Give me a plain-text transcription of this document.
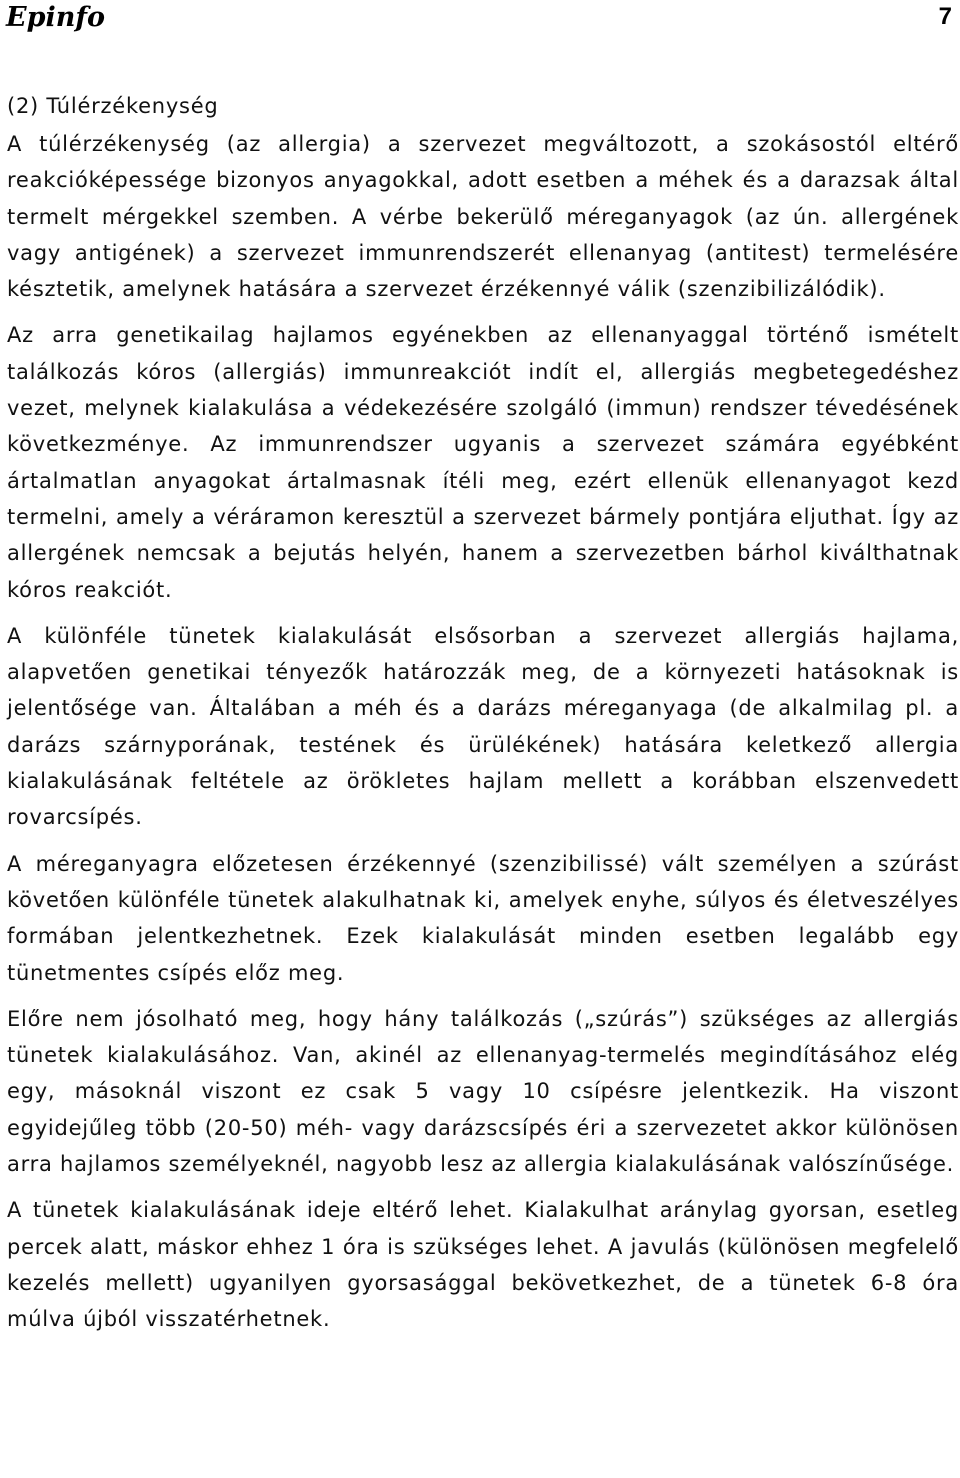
Epinfo	7
(2) Túlérzékenység

A túlérzékenység (az allergia) a szervezet megváltozott, a szokásostól eltérő reakcióképessége bizonyos anyagokkal, adott esetben a méhek és a darazsak által termelt mérgekkel szemben. A vérbe bekerülő méreganyagok (az ún. allergének vagy antigének) a szervezet immunrendszerét ellenanyag (antitest) termelésére késztetik, amelynek hatására a szervezet érzékennyé válik (szenzibilizálódik).

Az arra genetikailag hajlamos egyénekben az ellenanyaggal történő ismételt találkozás kóros (allergiás) immunreakciót indít el, allergiás megbetegedéshez vezet, melynek kialakulása a védekezésére szolgáló (immun) rendszer tévedésének következménye. Az immunrendszer ugyanis a szervezet számára egyébként ártalmatlan anyagokat ártalmasnak ítéli meg, ezért ellenük ellenanyagot kezd termelni, amely a véráramon keresztül a szervezet bármely pontjára eljuthat. Így az allergének nemcsak a bejutás helyén, hanem a szervezetben bárhol kiválthatnak kóros reakciót.

A különféle tünetek kialakulását elsősorban a szervezet allergiás hajlama, alapvetően genetikai tényezők határozzák meg, de a környezeti hatásoknak is jelentősége van. Általában a méh és a darázs méreganyaga (de alkalmilag pl. a darázs szárnyporának, testének és ürülékének) hatására keletkező allergia kialakulásának feltétele az örökletes hajlam mellett a korábban elszenvedett rovarcsípés.

A méreganyagra előzetesen érzékennyé (szenzibilissé) vált személyen a szúrást követően különféle tünetek alakulhatnak ki, amelyek enyhe, súlyos és életveszélyes formában jelentkezhetnek. Ezek kialakulását minden esetben legalább egy tünetmentes csípés előz meg.

Előre nem jósolható meg, hogy hány találkozás („szúrás”) szükséges az allergiás tünetek kialakulásához. Van, akinél az ellenanyag-termelés megindításához elég egy, másoknál viszont ez csak 5 vagy 10 csípésre jelentkezik. Ha viszont egyidejűleg több (20-50) méh- vagy darázscsípés éri a szervezetet akkor különösen arra hajlamos személyeknél, nagyobb lesz az allergia kialakulásának valószínűsége.

A tünetek kialakulásának ideje eltérő lehet. Kialakulhat aránylag gyorsan, esetleg percek alatt, máskor ehhez 1 óra is szükséges lehet. A javulás (különösen megfelelő kezelés mellett) ugyanilyen gyorsasággal bekövetkezhet, de a tünetek 6-8 óra múlva újból visszatérhetnek.
